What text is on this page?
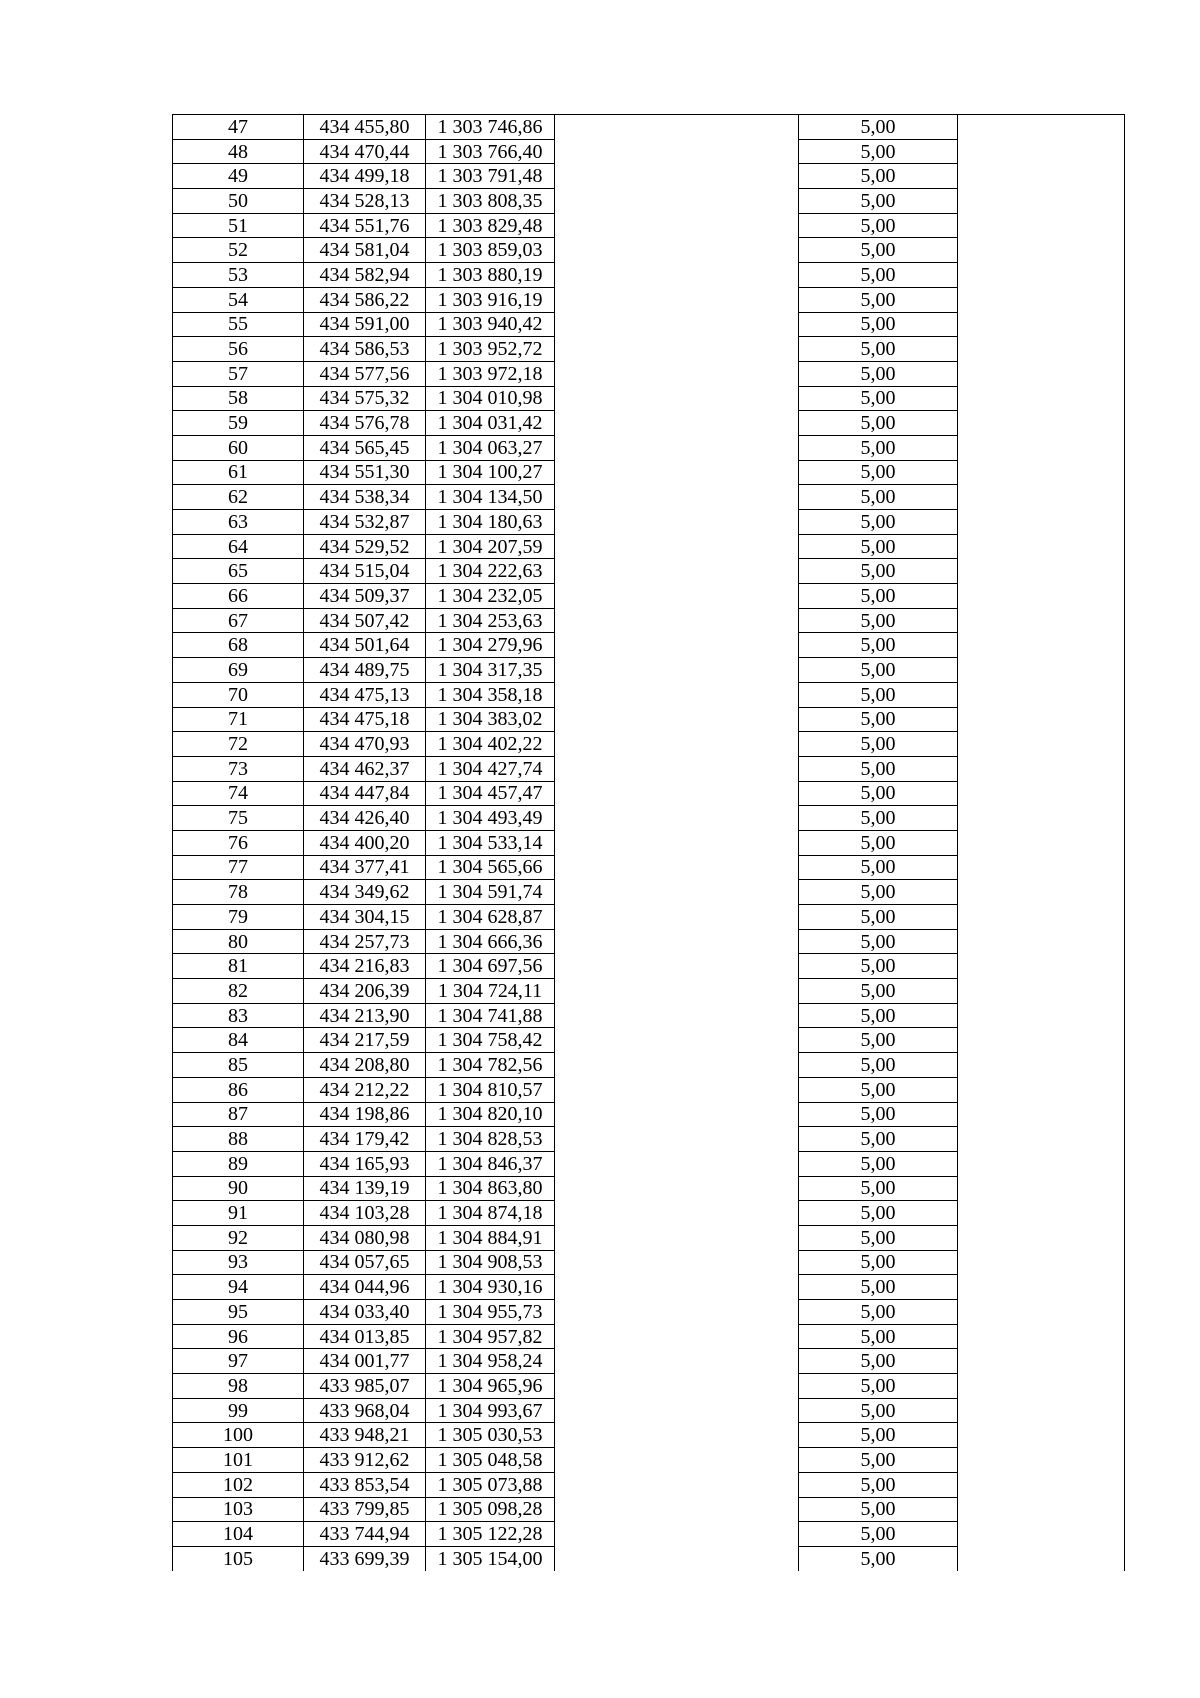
47	434 455,80	1 303 746,86		5,00	
48	434 470,44	1 303 766,40		5,00	
49	434 499,18	1 303 791,48		5,00	
50	434 528,13	1 303 808,35		5,00	
51	434 551,76	1 303 829,48		5,00	
52	434 581,04	1 303 859,03		5,00	
53	434 582,94	1 303 880,19		5,00	
54	434 586,22	1 303 916,19		5,00	
55	434 591,00	1 303 940,42		5,00	
56	434 586,53	1 303 952,72		5,00	
57	434 577,56	1 303 972,18		5,00	
58	434 575,32	1 304 010,98		5,00	
59	434 576,78	1 304 031,42		5,00	
60	434 565,45	1 304 063,27		5,00	
61	434 551,30	1 304 100,27		5,00	
62	434 538,34	1 304 134,50		5,00	
63	434 532,87	1 304 180,63		5,00	
64	434 529,52	1 304 207,59		5,00	
65	434 515,04	1 304 222,63		5,00	
66	434 509,37	1 304 232,05		5,00	
67	434 507,42	1 304 253,63		5,00	
68	434 501,64	1 304 279,96		5,00	
69	434 489,75	1 304 317,35		5,00	
70	434 475,13	1 304 358,18		5,00	
71	434 475,18	1 304 383,02		5,00	
72	434 470,93	1 304 402,22		5,00	
73	434 462,37	1 304 427,74		5,00	
74	434 447,84	1 304 457,47		5,00	
75	434 426,40	1 304 493,49		5,00	
76	434 400,20	1 304 533,14		5,00	
77	434 377,41	1 304 565,66		5,00	
78	434 349,62	1 304 591,74		5,00	
79	434 304,15	1 304 628,87		5,00	
80	434 257,73	1 304 666,36		5,00	
81	434 216,83	1 304 697,56		5,00	
82	434 206,39	1 304 724,11		5,00	
83	434 213,90	1 304 741,88		5,00	
84	434 217,59	1 304 758,42		5,00	
85	434 208,80	1 304 782,56		5,00	
86	434 212,22	1 304 810,57		5,00	
87	434 198,86	1 304 820,10		5,00	
88	434 179,42	1 304 828,53		5,00	
89	434 165,93	1 304 846,37		5,00	
90	434 139,19	1 304 863,80		5,00	
91	434 103,28	1 304 874,18		5,00	
92	434 080,98	1 304 884,91		5,00	
93	434 057,65	1 304 908,53		5,00	
94	434 044,96	1 304 930,16		5,00	
95	434 033,40	1 304 955,73		5,00	
96	434 013,85	1 304 957,82		5,00	
97	434 001,77	1 304 958,24		5,00	
98	433 985,07	1 304 965,96		5,00	
99	433 968,04	1 304 993,67		5,00	
100	433 948,21	1 305 030,53		5,00	
101	433 912,62	1 305 048,58		5,00	
102	433 853,54	1 305 073,88		5,00	
103	433 799,85	1 305 098,28		5,00	
104	433 744,94	1 305 122,28		5,00	
105	433 699,39	1 305 154,00		5,00	
